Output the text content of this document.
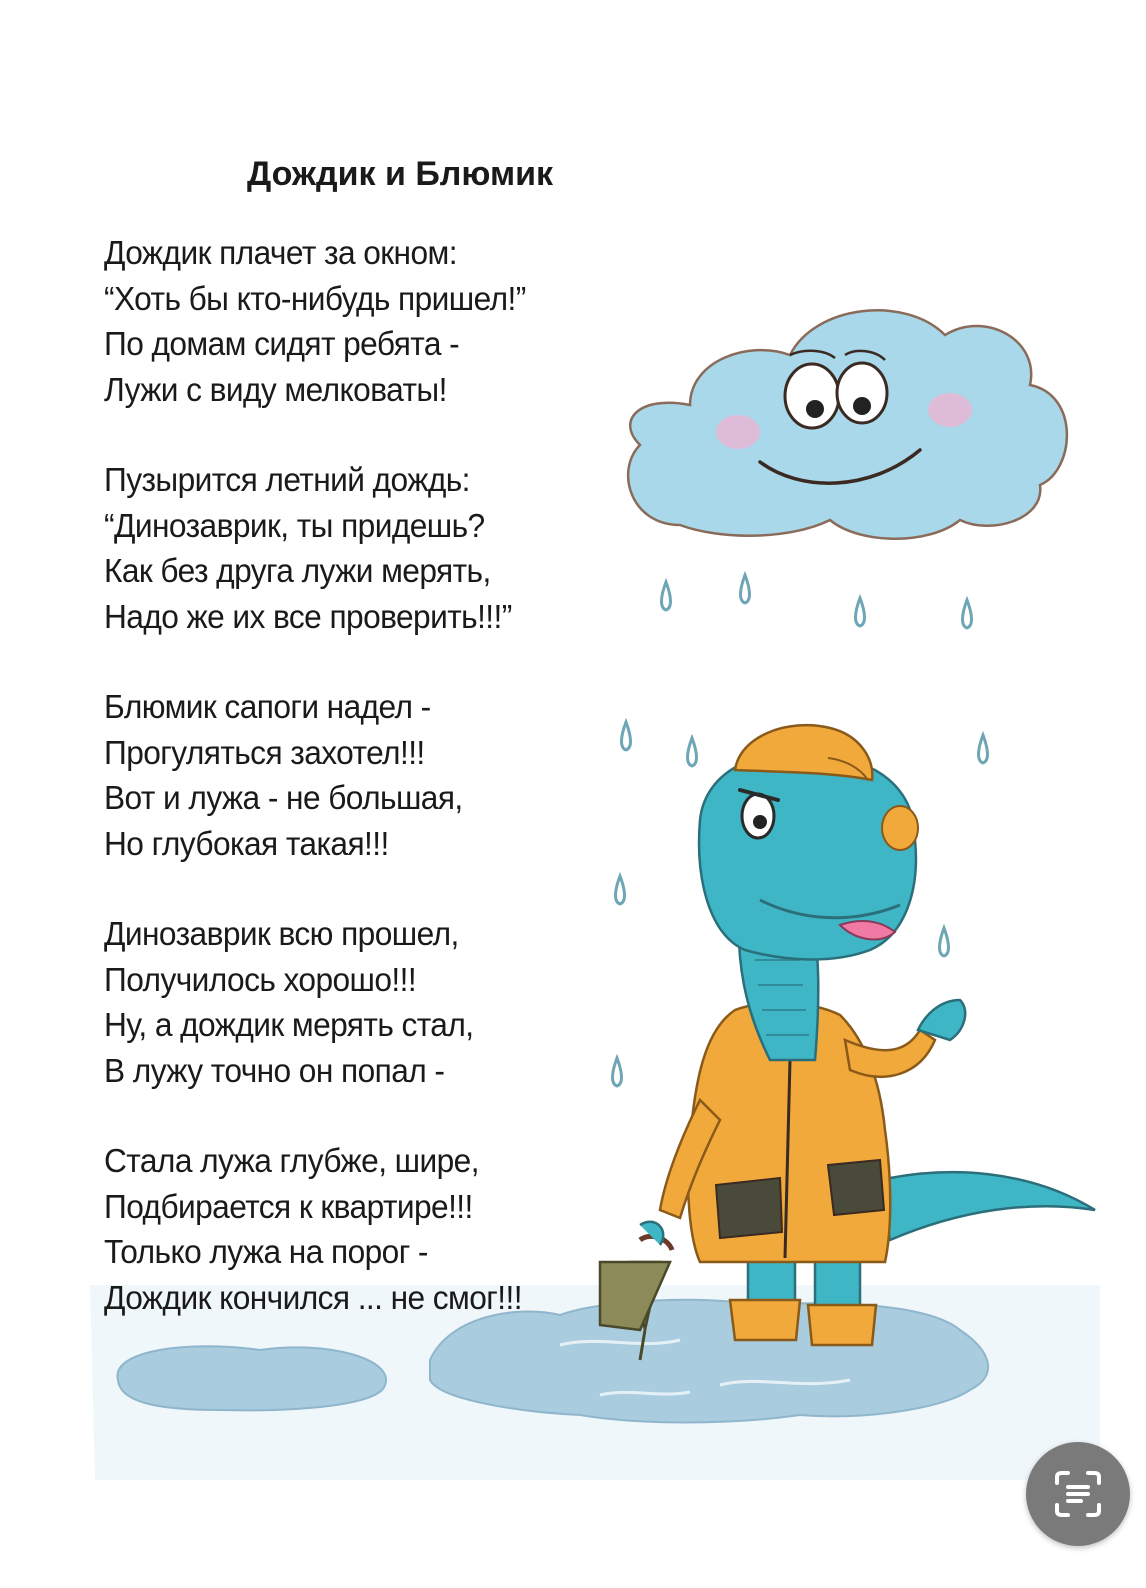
Дождик и Блюмик
Дождик плачет за окном:
“Хоть бы кто-нибудь пришел!”
По домам сидят ребята -
Лужи с виду мелковаты!
Пузырится летний дождь:
“Динозаврик, ты придешь?
Как без друга лужи мерять,
Надо же их все проверить!!!”
Блюмик сапоги надел -
Прогуляться захотел!!!
Вот и лужа - не большая,
Но глубокая такая!!!
Динозаврик всю прошел,
Получилось хорошо!!!
Ну, а дождик мерять стал,
В лужу точно он попал -
Стала лужа глубже, шире,
Подбирается к квартире!!!
Только лужа на порог -
Дождик кончился ... не смог!!!
